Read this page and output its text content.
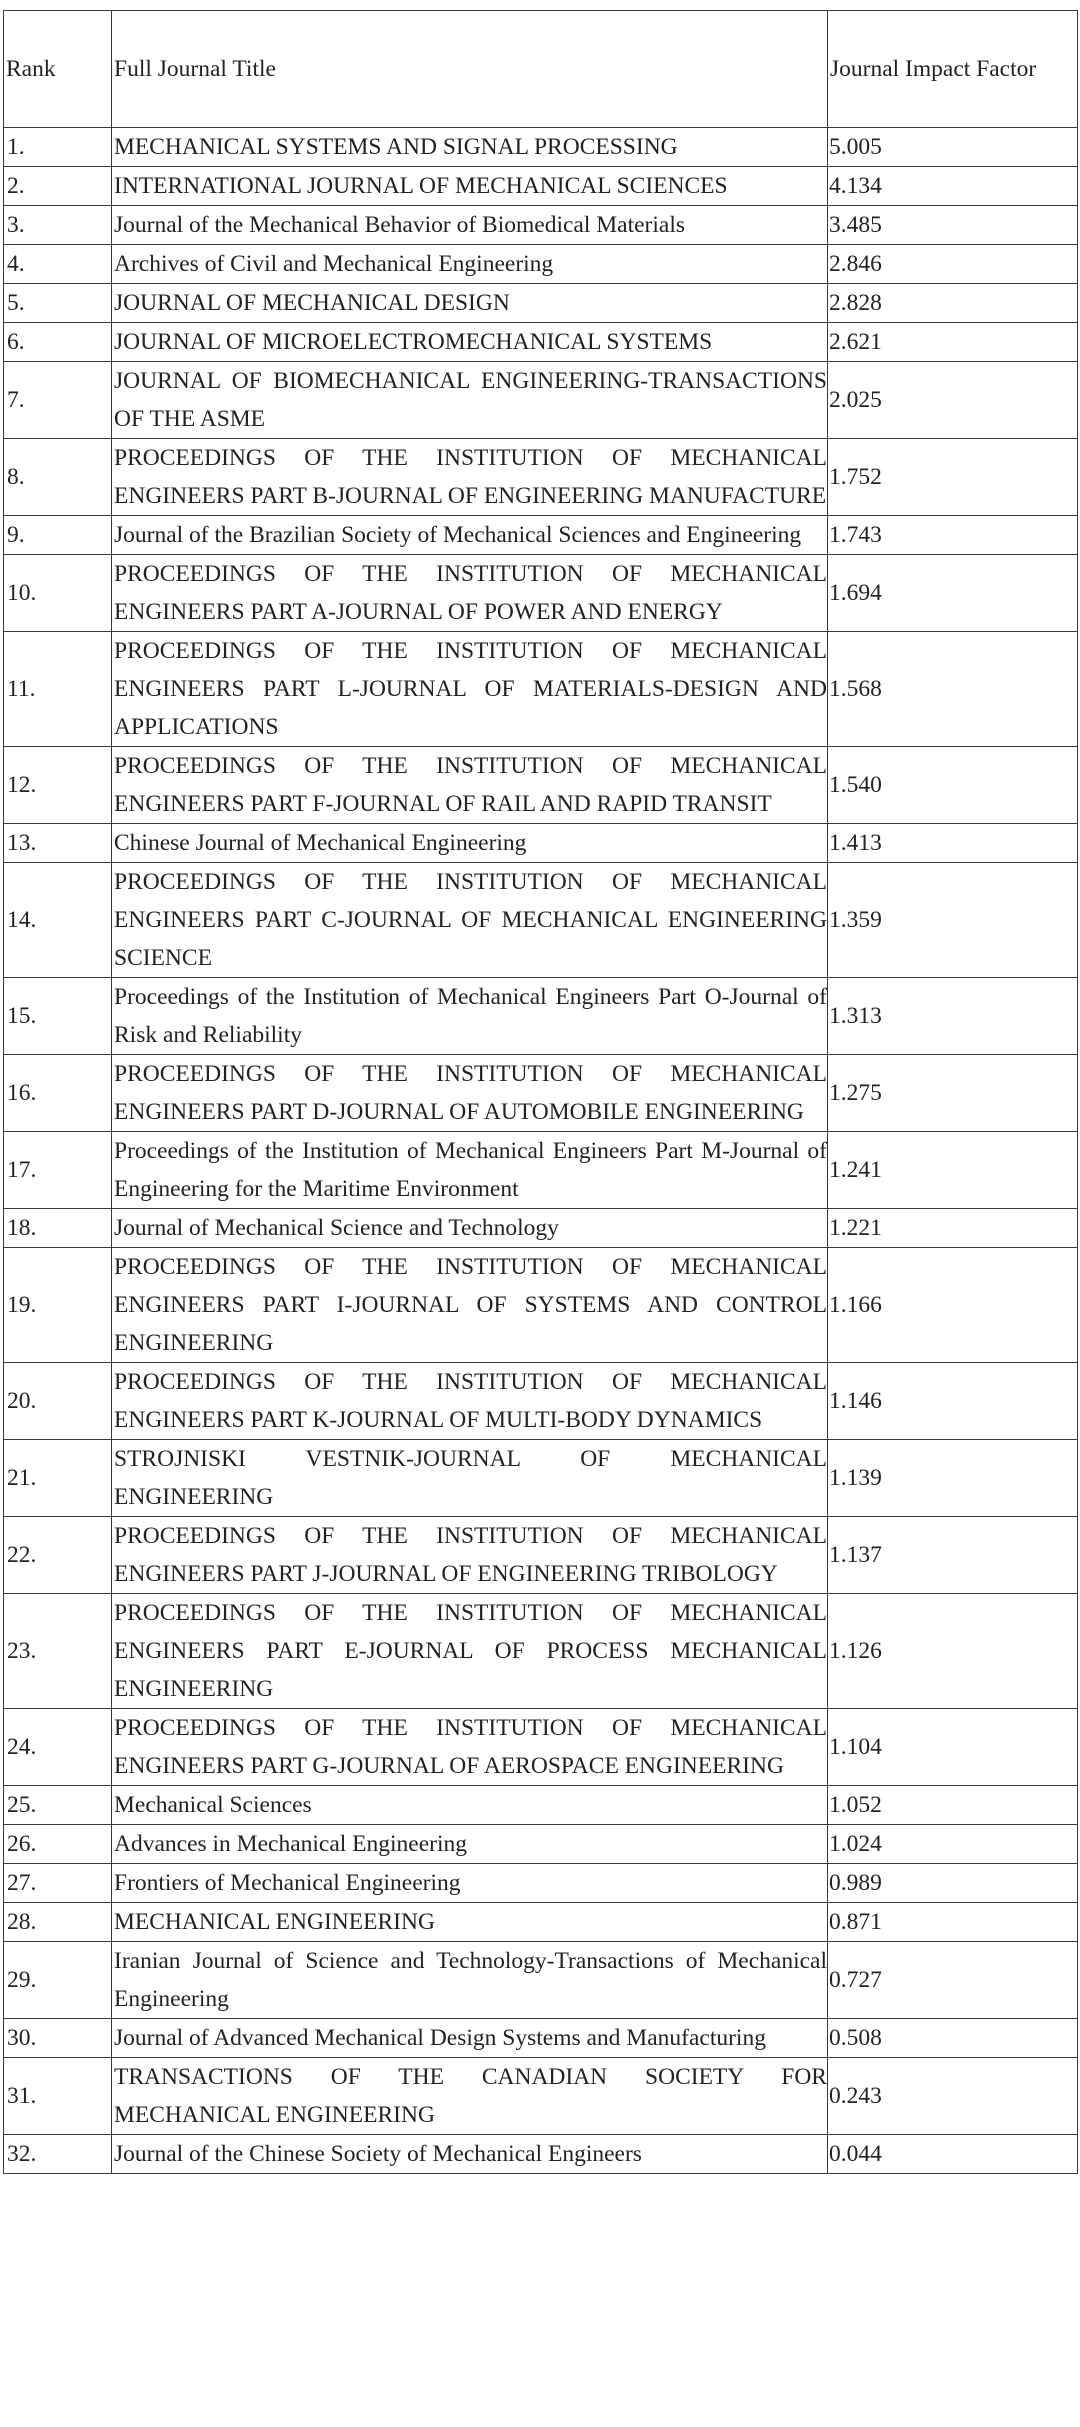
Rank	Full Journal Title	Journal Impact Factor
1.	MECHANICAL SYSTEMS AND SIGNAL PROCESSING	5.005
2.	INTERNATIONAL JOURNAL OF MECHANICAL SCIENCES	4.134
3.	Journal of the Mechanical Behavior of Biomedical Materials	3.485
4.	Archives of Civil and Mechanical Engineering	2.846
5.	JOURNAL OF MECHANICAL DESIGN	2.828
6.	JOURNAL OF MICROELECTROMECHANICAL SYSTEMS	2.621
7.	JOURNAL OF BIOMECHANICAL ENGINEERING-TRANSACTIONS OF THE ASME	2.025
8.	PROCEEDINGS OF THE INSTITUTION OF MECHANICAL ENGINEERS PART B-JOURNAL OF ENGINEERING MANUFACTURE	1.752
9.	Journal of the Brazilian Society of Mechanical Sciences and Engineering	1.743
10.	PROCEEDINGS OF THE INSTITUTION OF MECHANICAL ENGINEERS PART A-JOURNAL OF POWER AND ENERGY	1.694
11.	PROCEEDINGS OF THE INSTITUTION OF MECHANICAL ENGINEERS PART L-JOURNAL OF MATERIALS-DESIGN AND APPLICATIONS	1.568
12.	PROCEEDINGS OF THE INSTITUTION OF MECHANICAL ENGINEERS PART F-JOURNAL OF RAIL AND RAPID TRANSIT	1.540
13.	Chinese Journal of Mechanical Engineering	1.413
14.	PROCEEDINGS OF THE INSTITUTION OF MECHANICAL ENGINEERS PART C-JOURNAL OF MECHANICAL ENGINEERING SCIENCE	1.359
15.	Proceedings of the Institution of Mechanical Engineers Part O-Journal of Risk and Reliability	1.313
16.	PROCEEDINGS OF THE INSTITUTION OF MECHANICAL ENGINEERS PART D-JOURNAL OF AUTOMOBILE ENGINEERING	1.275
17.	Proceedings of the Institution of Mechanical Engineers Part M-Journal of Engineering for the Maritime Environment	1.241
18.	Journal of Mechanical Science and Technology	1.221
19.	PROCEEDINGS OF THE INSTITUTION OF MECHANICAL ENGINEERS PART I-JOURNAL OF SYSTEMS AND CONTROL ENGINEERING	1.166
20.	PROCEEDINGS OF THE INSTITUTION OF MECHANICAL ENGINEERS PART K-JOURNAL OF MULTI-BODY DYNAMICS	1.146
21.	STROJNISKI VESTNIK-JOURNAL OF MECHANICAL ENGINEERING	1.139
22.	PROCEEDINGS OF THE INSTITUTION OF MECHANICAL ENGINEERS PART J-JOURNAL OF ENGINEERING TRIBOLOGY	1.137
23.	PROCEEDINGS OF THE INSTITUTION OF MECHANICAL ENGINEERS PART E-JOURNAL OF PROCESS MECHANICAL ENGINEERING	1.126
24.	PROCEEDINGS OF THE INSTITUTION OF MECHANICAL ENGINEERS PART G-JOURNAL OF AEROSPACE ENGINEERING	1.104
25.	Mechanical Sciences	1.052
26.	Advances in Mechanical Engineering	1.024
27.	Frontiers of Mechanical Engineering	0.989
28.	MECHANICAL ENGINEERING	0.871
29.	Iranian Journal of Science and Technology-Transactions of Mechanical Engineering	0.727
30.	Journal of Advanced Mechanical Design Systems and Manufacturing	0.508
31.	TRANSACTIONS OF THE CANADIAN SOCIETY FOR MECHANICAL ENGINEERING	0.243
32.	Journal of the Chinese Society of Mechanical Engineers	0.044
